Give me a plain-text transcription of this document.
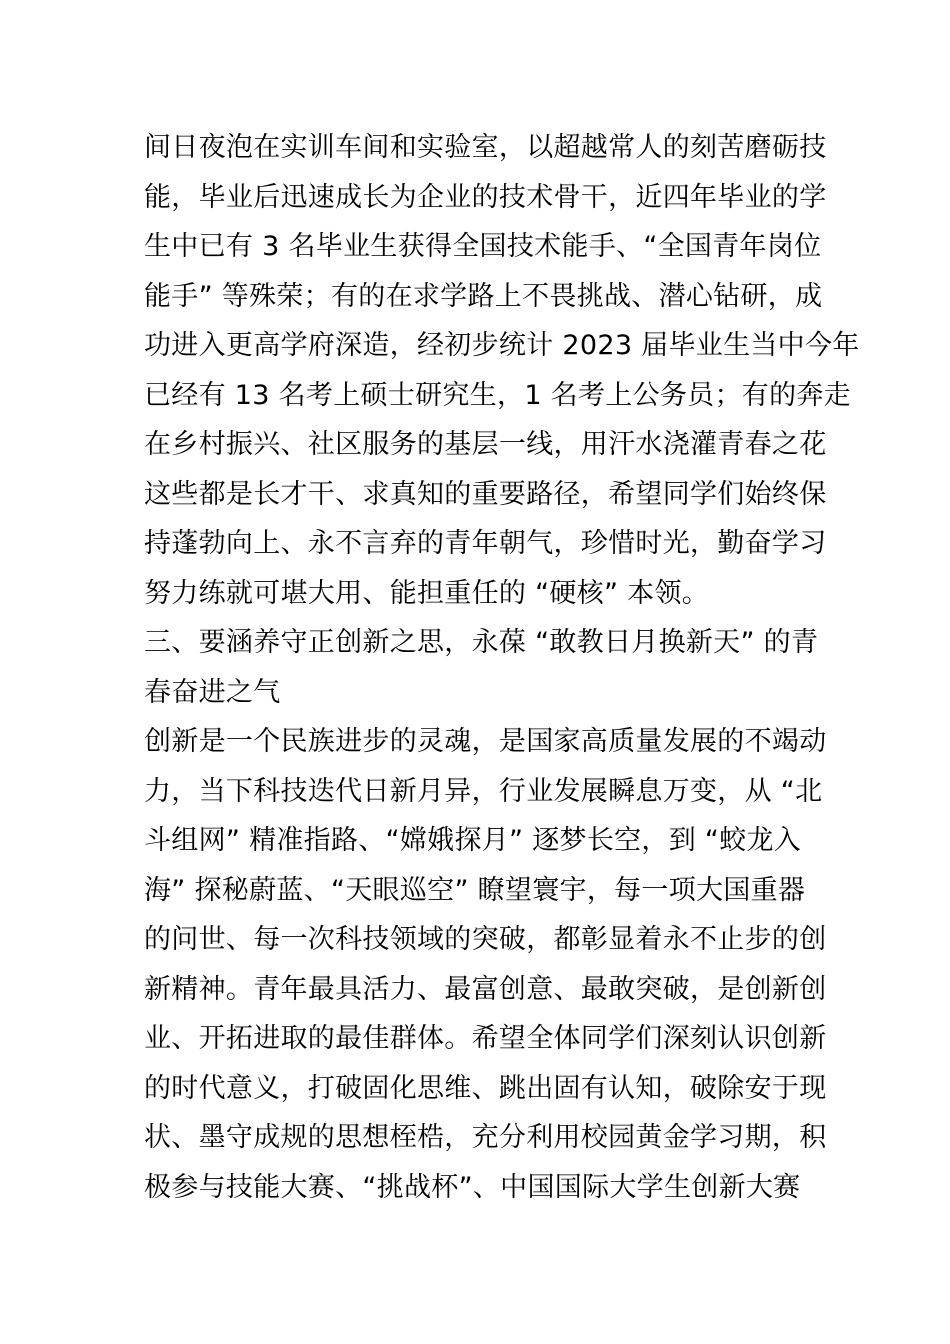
间日夜泡在实训车间和实验室，以超越常人的刻苦磨砺技
能，毕业后迅速成长为企业的技术骨干，近四年毕业的学
生中已有 3 名毕业生获得全国技术能手、“全国青年岗位
能手” 等殊荣；有的在求学路上不畏挑战、潜心钻研，成
功进入更高学府深造，经初步统计 2023 届毕业生当中今年
已经有 13 名考上硕士研究生，1 名考上公务员；有的奔走
在乡村振兴、社区服务的基层一线，用汗水浇灌青春之花
这些都是长才干、求真知的重要路径，希望同学们始终保
持蓬勃向上、永不言弃的青年朝气，珍惜时光，勤奋学习
努力练就可堪大用、能担重任的 “硬核” 本领。
三、要涵养守正创新之思，永葆 “敢教日月换新天” 的青
春奋进之气
创新是一个民族进步的灵魂，是国家高质量发展的不竭动
力，当下科技迭代日新月异，行业发展瞬息万变，从 “北
斗组网” 精准指路、“嫦娥探月” 逐梦长空，到 “蛟龙入
海” 探秘蔚蓝、“天眼巡空” 瞭望寰宇，每一项大国重器
的问世、每一次科技领域的突破，都彰显着永不止步的创
新精神。青年最具活力、最富创意、最敢突破，是创新创
业、开拓进取的最佳群体。希望全体同学们深刻认识创新
的时代意义，打破固化思维、跳出固有认知，破除安于现
状、墨守成规的思想桎梏，充分利用校园黄金学习期，积
极参与技能大赛、“挑战杯”、中国国际大学生创新大赛
